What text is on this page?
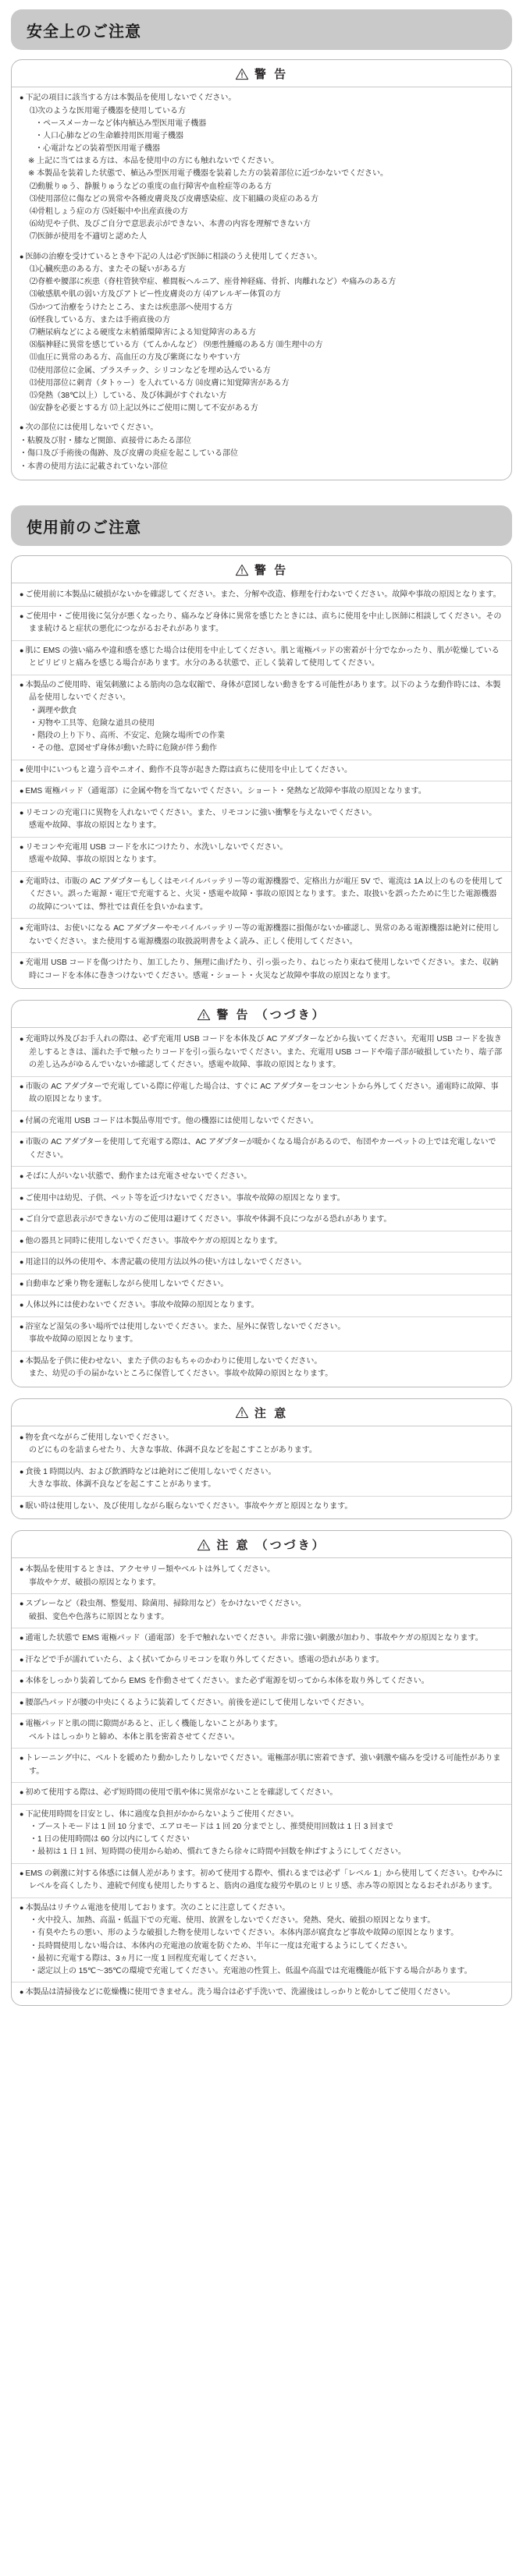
安全上のご注意
警 告

● 下記の項目に該当する方は本製品を使用しないでください。

⑴次のような医用電子機器を使用している方

・ペースメーカーなど体内植込み型医用電子機器

・人口心肺などの生命維持用医用電子機器

・心電計などの装着型医用電子機器

※ 上記に当てはまる方は、本品を使用中の方にも触れないでください。

※ 本製品を装着した状態で、植込み型医用電子機器を装着した方の装着部位に近づかないでください。

⑵動脈りゅう、静脈りゅうなどの重度の血行障害や血栓症等のある方

⑶使用部位に傷などの異常や各種皮膚炎及び皮膚感染症、皮下組織の炎症のある方

⑷骨粗しょう症の方 ⑸妊娠中や出産直後の方

⑹幼児や子供、及びご自分で意思表示ができない、本書の内容を理解できない方

⑺医師が使用を不適切と認めた人

● 医師の治療を受けているときや下記の人は必ず医師に相談のうえ使用してください。

⑴心臓疾患のある方、またその疑いがある方

⑵脊椎や腰部に疾患（脊柱管狭窄症、椎間板ヘルニア、座骨神経痛、骨折、肉離れなど）や痛みのある方

⑶敏感肌や肌の弱い方及びアトピー性皮膚炎の方 ⑷アレルギー体質の方

⑸かつて治療をうけたところ、または疾患部へ使用する方

⑹怪我している方、または手術直後の方

⑺糖尿病などによる硬度な末梢循環障害による知覚障害のある方

⑻脳神経に異常を感じている方（てんかんなど） ⑼悪性腫瘍のある方 ⑽生理中の方

⑾血圧に異常のある方、高血圧の方及び紫斑になりやすい方

⑿使用部位に金属、プラスチック、シリコンなどを埋め込んでいる方

⒀使用部位に刺青（タトゥー）を入れている方 ⒁皮膚に知覚障害がある方

⒂発熱（38℃以上）している、及び体調がすぐれない方

⒃安静を必要とする方 ⒄上記以外にご使用に関して不安がある方

● 次の部位には使用しないでください。

・粘膜及び肘・膝など関節、直接骨にあたる部位

・傷口及び手術後の傷跡、及び皮膚の炎症を起こしている部位

・本書の使用方法に記載されていない部位

使用前のご注意
警 告

● ご使用前に本製品に破損がないかを確認してください。また、分解や改造、修理を行わないでください。故障や事故の原因となります。

● ご使用中・ご使用後に気分が悪くなったり、痛みなど身体に異常を感じたときには、直ちに使用を中止し医師に相談してください。そのまま続けると症状の悪化につながるおそれがあります。

● 肌に EMS の強い痛みや違和感を感じた場合は使用を中止してください。肌と電極パッドの密着が十分でなかったり、肌が乾燥しているとピリピリと痛みを感じる場合があります。水分のある状態で、正しく装着して使用してください。

● 本製品のご使用時、電気刺激による筋肉の急な収縮で、身体が意図しない動きをする可能性があります。以下のような動作時には、本製品を使用しないでください。

・調理や飲食

・刃物や工具等、危険な道具の使用

・階段の上り下り、高所、不安定、危険な場所での作業

・その他、意図せず身体が動いた時に危険が伴う動作

● 使用中にいつもと違う音やニオイ、動作不良等が起きた際は直ちに使用を中止してください。

● EMS 電極パッド（通電部）に金属や物を当てないでください。ショート・発熱など故障や事故の原因となります。

● リモコンの充電口に異物を入れないでください。また、リモコンに強い衝撃を与えないでください。

感電や故障、事故の原因となります。

● リモコンや充電用 USB コードを水につけたり、水洗いしないでください。

感電や故障、事故の原因となります。

● 充電時は、市販の AC アダプターもしくはモバイルバッテリー等の電源機器で、定格出力が電圧 5V で、電流は 1A 以上のものを使用してください。誤った電源・電圧で充電すると、火災・感電や故障・事故の原因となります。また、取扱いを誤ったために生じた電源機器の故障については、弊社では責任を負いかねます。

● 充電時は、お使いになる AC アダプターやモバイルバッテリー等の電源機器に損傷がないか確認し、異常のある電源機器は絶対に使用しないでください。また使用する電源機器の取扱説明書をよく読み、正しく使用してください。

● 充電用 USB コードを傷つけたり、加工したり、無理に曲げたり、引っ張ったり、ねじったり束ねて使用しないでください。また、収納時にコードを本体に巻きつけないでください。感電・ショート・火災など故障や事故の原因となります。

警 告 （つづき）

● 充電時以外及びお手入れの際は、必ず充電用 USB コードを本体及び AC アダプターなどから抜いてください。充電用 USB コードを抜き差しするときは、濡れた手で触ったりコードを引っ張らないでください。また、充電用 USB コードや端子部が破損していたり、端子部の差し込みがゆるんでいないか確認してください。感電や故障、事故の原因となります。

● 市販の AC アダプターで充電している際に停電した場合は、すぐに AC アダプターをコンセントから外してください。通電時に故障、事故の原因となります。

● 付属の充電用 USB コードは本製品専用です。他の機器には使用しないでください。

● 市販の AC アダプターを使用して充電する際は、AC アダプターが暖かくなる場合があるので、布団やカーペットの上では充電しないでください。

● そばに人がいない状態で、動作または充電させないでください。

● ご使用中は幼児、子供、ペット等を近づけないでください。事故や故障の原因となります。

● ご自分で意思表示ができない方のご使用は避けてください。事故や体調不良につながる恐れがあります。

● 他の器具と同時に使用しないでください。事故やケガの原因となります。

● 用途目的以外の使用や、本書記載の使用方法以外の使い方はしないでください。

● 自動車など乗り物を運転しながら使用しないでください。

● 人体以外には使わないでください。事故や故障の原因となります。

● 浴室など湿気の多い場所では使用しないでください。また、屋外に保管しないでください。

事故や故障の原因となります。

● 本製品を子供に使わせない、また子供のおもちゃのかわりに使用しないでください。

また、幼児の手の届かないところに保管してください。事故や故障の原因となります。

注 意

● 物を食べながらご使用しないでください。

のどにものを詰まらせたり、大きな事故、体調不良などを起こすことがあります。

● 食後 1 時間以内、および飲酒時などは絶対にご使用しないでください。

大きな事故、体調不良などを起こすことがあります。

● 眠い時は使用しない、及び使用しながら眠らないでください。事故やケガと原因となります。

注 意 （つづき）

● 本製品を使用するときは、アクセサリー類やベルトは外してください。

事故やケガ、破損の原因となります。

● スプレーなど（殺虫剤、整髪用、除菌用、掃除用など）をかけないでください。

破損、変色や色落ちに原因となります。

● 通電した状態で EMS 電極パッド（通電部）を手で触れないでください。非常に強い刺激が加わり、事故やケガの原因となります。

● 汗などで手が濡れていたら、よく拭いてからリモコンを取り外してください。感電の恐れがあります。

● 本体をしっかり装着してから EMS を作動させてください。また必ず電源を切ってから本体を取り外してください。

● 腰部凸パッドが腰の中央にくるように装着してください。前後を逆にして使用しないでください。

● 電極パッドと肌の間に隙間があると、正しく機能しないことがあります。

ベルトはしっかりと締め、本体と肌を密着させてください。

● トレーニング中に、ベルトを緩めたり動かしたりしないでください。電極部が肌に密着できず、強い刺激や痛みを受ける可能性があります。

● 初めて使用する際は、必ず短時間の使用で肌や体に異常がないことを確認してください。

● 下記使用時間を目安とし、体に過度な負担がかからないようご使用ください。

・ブーストモードは 1 回 10 分まで、エアロモードは 1 回 20 分までとし、推奨使用回数は 1 日 3 回まで

・1 日の使用時間は 60 分以内にしてください

・最初は 1 日 1 回、短時間の使用から始め、慣れてきたら徐々に時間や回数を伸ばすようにしてください。

● EMS の刺激に対する体感には個人差があります。初めて使用する際や、慣れるまでは必ず「レベル 1」から使用してください。むやみにレベルを高くしたり、連続で何度も使用したりすると、筋肉の過度な疲労や肌のヒリヒリ感、赤み等の原因となるおそれがあります。

● 本製品はリチウム電池を使用しております。次のことに注意してください。

・火中投入、加熱、高温・低温下での充電、使用、放置をしないでください。発熱、発火、破損の原因となります。

・有臭やたちの悪い、形のような破損した物を使用しないでください。本体内部が腐食など事故や故障の原因となります。

・長時間使用しない場合は、本体内の充電池の放電を防ぐため、半年に一度は充電するようにしてください。

・最初に充電する際は、3ヵ月に一度 1 回程度充電してください。

・認定以上の 15℃～35℃の環境で充電してください。充電池の性質上、低温や高温では充電機能が低下する場合があります。

● 本製品は清掃後などに乾燥機に使用できません。洗う場合は必ず手洗いで、洗濯後はしっかりと乾かしてご使用ください。
